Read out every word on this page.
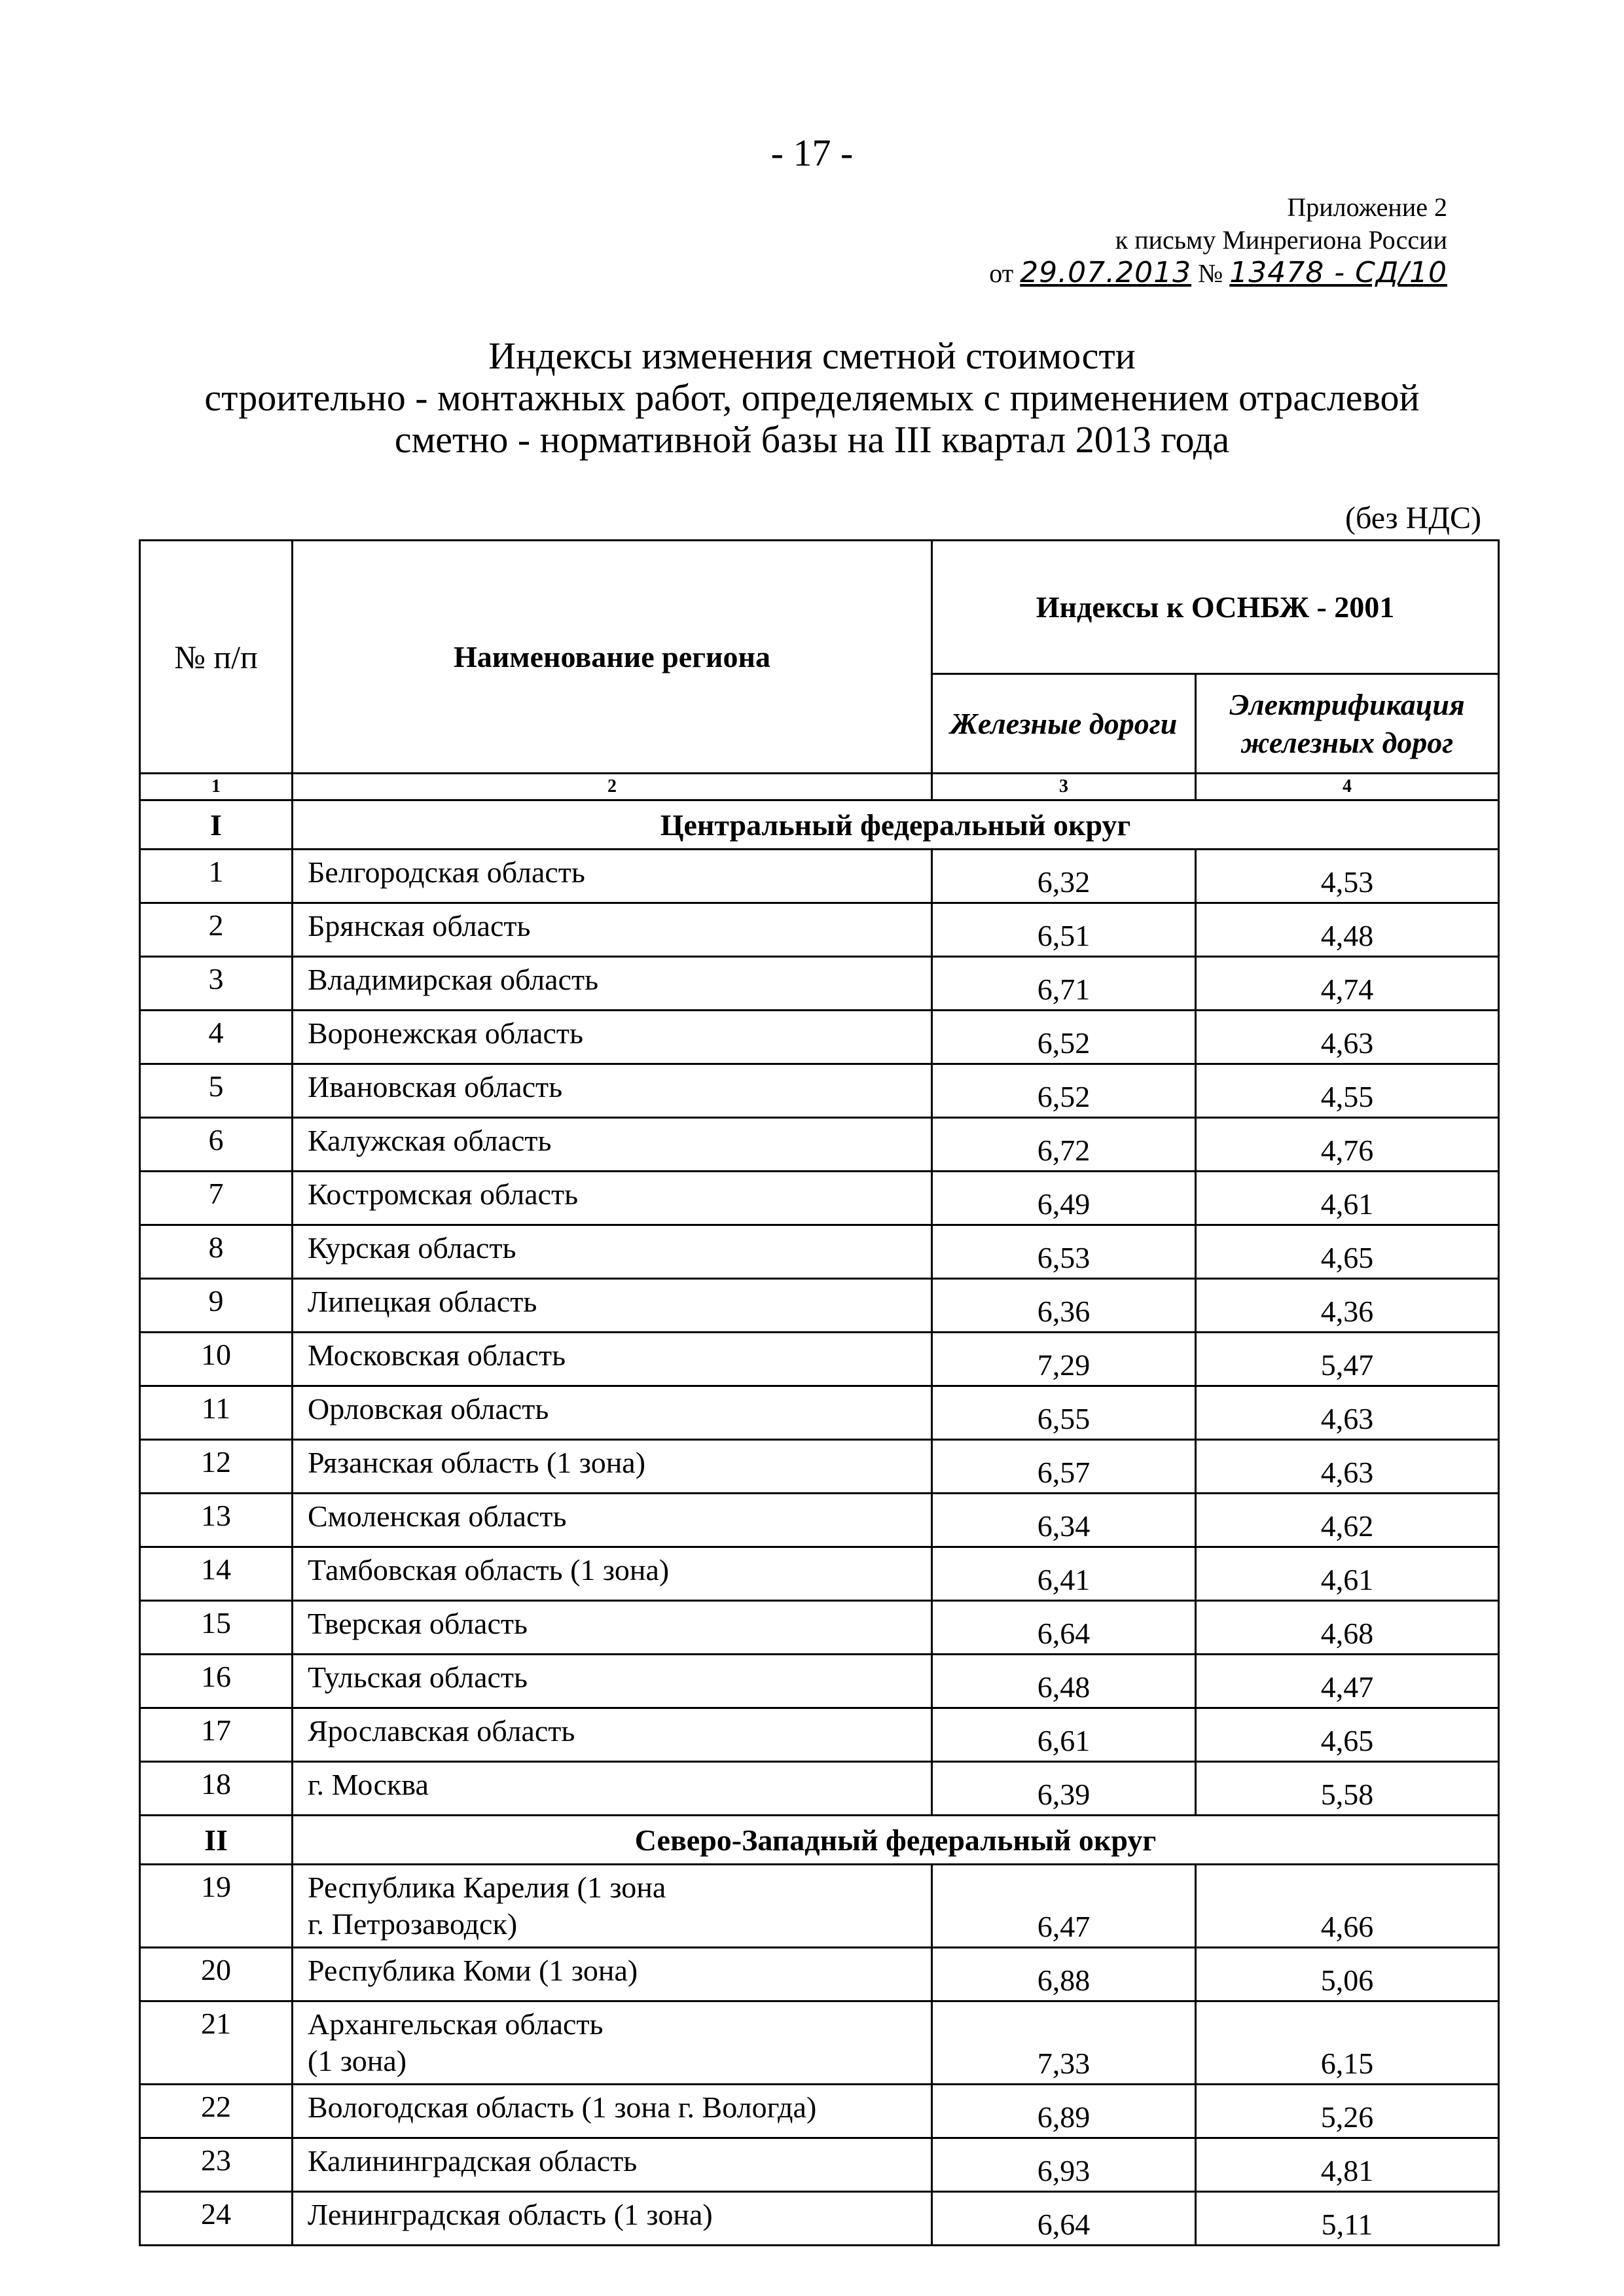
- 17 -
Приложение 2
к письму Минрегиона России
от 29.07.2013 № 13478 - СД/10
Индексы изменения сметной стоимости
строительно - монтажных работ, определяемых с применением отраслевой
сметно - нормативной базы на III квартал 2013 года
(без НДС)
№ п/п	Наименование региона	Индексы к ОСНБЖ - 2001	
		Железные дороги	Электрификация железных дорог
1	2	3	4
I	Центральный федеральный округ		
1	Белгородская область	6,32	4,53
2	Брянская область	6,51	4,48
3	Владимирская область	6,71	4,74
4	Воронежская область	6,52	4,63
5	Ивановская область	6,52	4,55
6	Калужская область	6,72	4,76
7	Костромская область	6,49	4,61
8	Курская область	6,53	4,65
9	Липецкая область	6,36	4,36
10	Московская область	7,29	5,47
11	Орловская область	6,55	4,63
12	Рязанская область (1 зона)	6,57	4,63
13	Смоленская область	6,34	4,62
14	Тамбовская область (1 зона)	6,41	4,61
15	Тверская область	6,64	4,68
16	Тульская область	6,48	4,47
17	Ярославская область	6,61	4,65
18	г. Москва	6,39	5,58
II	Северо-Западный федеральный округ		
19	Республика Карелия (1 зона
г. Петрозаводск)	6,47	4,66
20	Республика Коми (1 зона)	6,88	5,06
21	Архангельская область
(1 зона)	7,33	6,15
22	Вологодская область (1 зона г. Вологда)	6,89	5,26
23	Калининградская область	6,93	4,81
24	Ленинградская область (1 зона)	6,64	5,11
